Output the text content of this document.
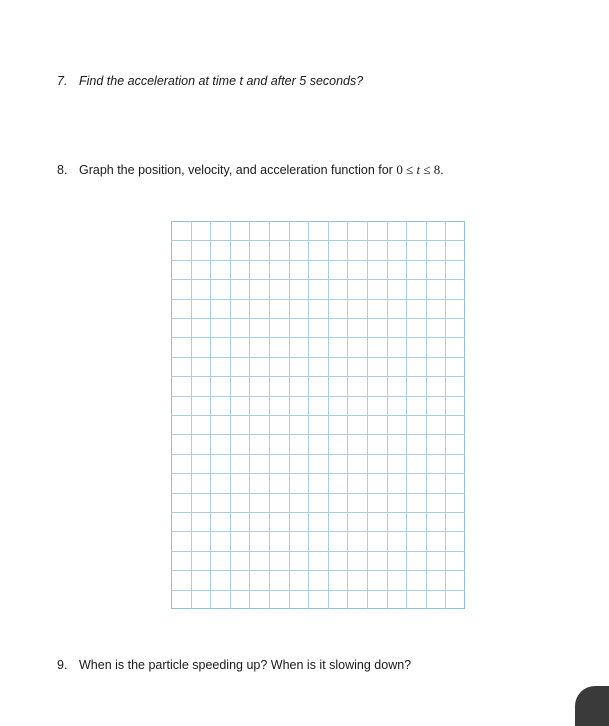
7. Find the acceleration at time t and after 5 seconds?
8. Graph the position, velocity, and acceleration function for 0 ≤ t ≤ 8.
9. When is the particle speeding up? When is it slowing down?
